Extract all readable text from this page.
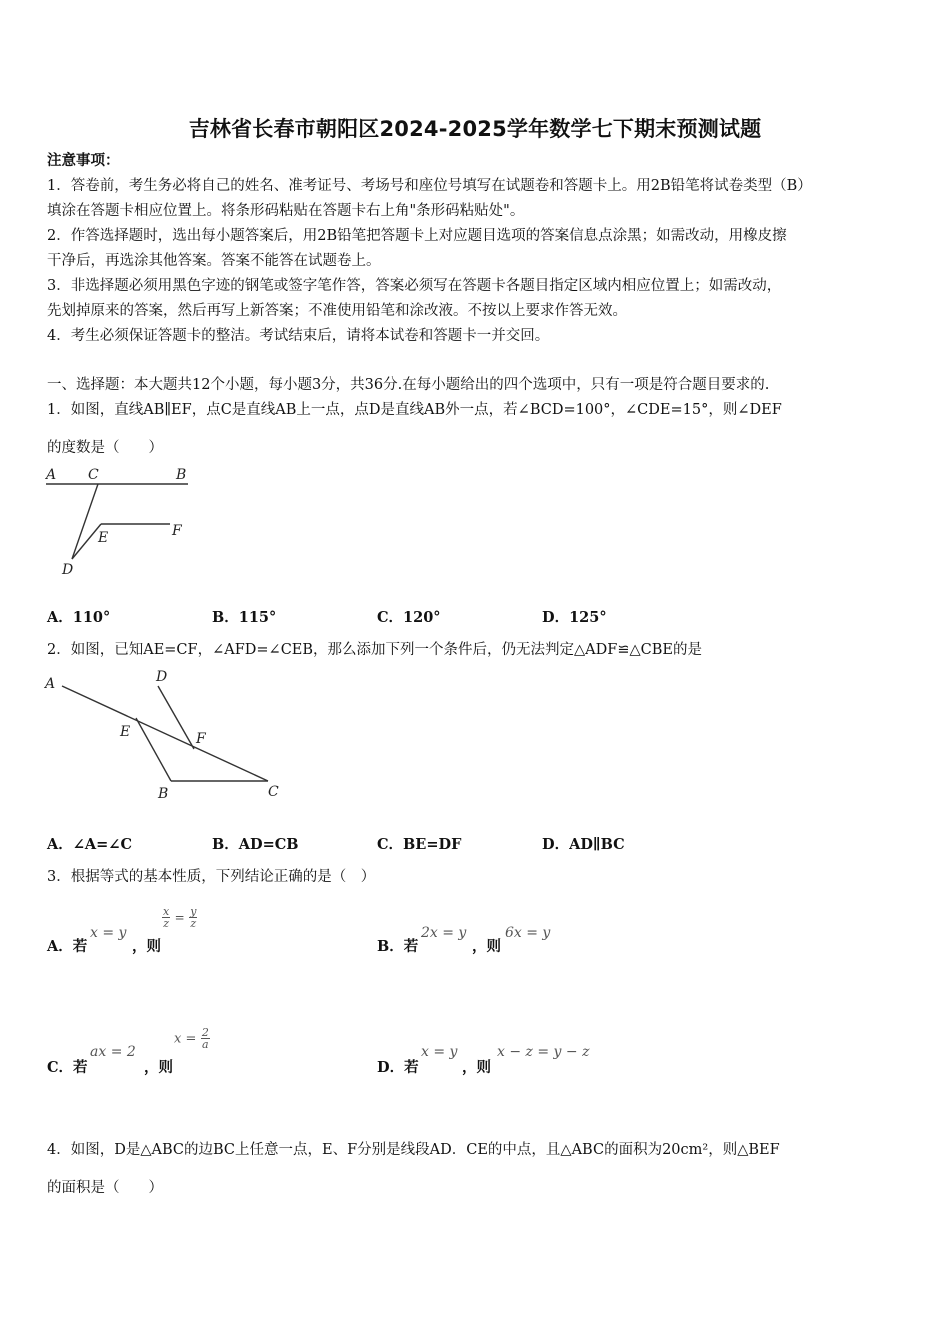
吉林省长春市朝阳区2024-2025学年数学七下期末预测试题
注意事项：
1．答卷前，考生务必将自己的姓名、准考证号、考场号和座位号填写在试题卷和答题卡上。用2B铅笔将试卷类型（B）
填涂在答题卡相应位置上。将条形码粘贴在答题卡右上角"条形码粘贴处"。
2．作答选择题时，选出每小题答案后，用2B铅笔把答题卡上对应题目选项的答案信息点涂黑；如需改动，用橡皮擦
干净后，再选涂其他答案。答案不能答在试题卷上。
3．非选择题必须用黑色字迹的钢笔或签字笔作答，答案必须写在答题卡各题目指定区域内相应位置上；如需改动，
先划掉原来的答案，然后再写上新答案；不准使用铅笔和涂改液。不按以上要求作答无效。
4．考生必须保证答题卡的整洁。考试结束后，请将本试卷和答题卡一并交回。
一、选择题：本大题共12个小题，每小题3分，共36分.在每小题给出的四个选项中，只有一项是符合题目要求的.
1．如图，直线AB∥EF，点C是直线AB上一点，点D是直线AB外一点，若∠BCD=100°，∠CDE=15°，则∠DEF
的度数是（　　）
A C	B
E	F
D
A．110°	B．115°	C．120°	D．125°
2．如图，已知AE=CF，∠AFD=∠CEB，那么添加下列一个条件后，仍无法判定△ADF≌△CBE的是
A	D
E	F
B	C
A．∠A=∠C	B．AD=CB	C．BE=DF	D．AD∥BC
3．根据等式的基本性质，下列结论正确的是（　）
A．若
x = y
，则
$\frac{x}{z} = \frac{y}{z}$
B．若
2x = y
，则
6x = y
C．若
ax = 2
，则
$x = \frac{2}{a}$
D．若
x = y
，则
x − z = y − z
4．如图，D是△ABC的边BC上任意一点，E、F分别是线段AD．CE的中点，且△ABC的面积为20cm²，则△BEF
的面积是（　　）
